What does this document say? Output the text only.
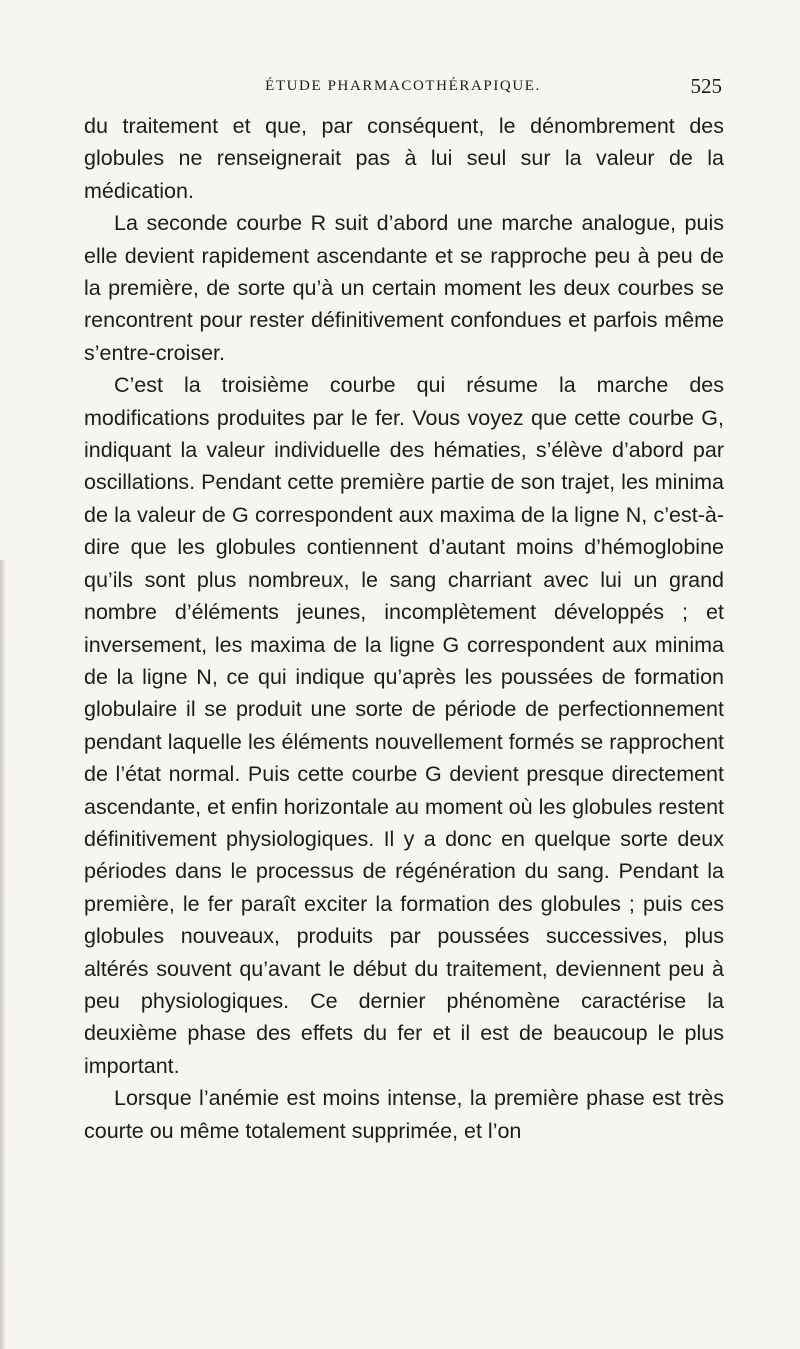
ÉTUDE PHARMACOTHÉRAPIQUE.	525

du traitement et que, par conséquent, le dénombrement des globules ne renseignerait pas à lui seul sur la valeur de la médication.

La seconde courbe R suit d’abord une marche analogue, puis elle devient rapidement ascendante et se rapproche peu à peu de la première, de sorte qu’à un certain moment les deux courbes se rencontrent pour rester définitivement confondues et parfois même s’entre-croiser.

C’est la troisième courbe qui résume la marche des modifications produites par le fer. Vous voyez que cette courbe G, indiquant la valeur individuelle des hématies, s’élève d’abord par oscillations. Pendant cette première partie de son trajet, les minima de la valeur de G correspondent aux maxima de la ligne N, c’est-à-dire que les globules contiennent d’autant moins d’hémoglobine qu’ils sont plus nombreux, le sang charriant avec lui un grand nombre d’éléments jeunes, incomplètement développés ; et inversement, les maxima de la ligne G correspondent aux minima de la ligne N, ce qui indique qu’après les poussées de formation globulaire il se produit une sorte de période de perfectionnement pendant laquelle les éléments nouvellement formés se rapprochent de l’état normal. Puis cette courbe G devient presque directement ascendante, et enfin horizontale au moment où les globules restent définitivement physiologiques. Il y a donc en quelque sorte deux périodes dans le processus de régénération du sang. Pendant la première, le fer paraît exciter la formation des globules ; puis ces globules nouveaux, produits par poussées successives, plus altérés souvent qu’avant le début du traitement, deviennent peu à peu physiologiques. Ce dernier phénomène caractérise la deuxième phase des effets du fer et il est de beaucoup le plus important.

Lorsque l’anémie est moins intense, la première phase est très courte ou même totalement supprimée, et l’on
